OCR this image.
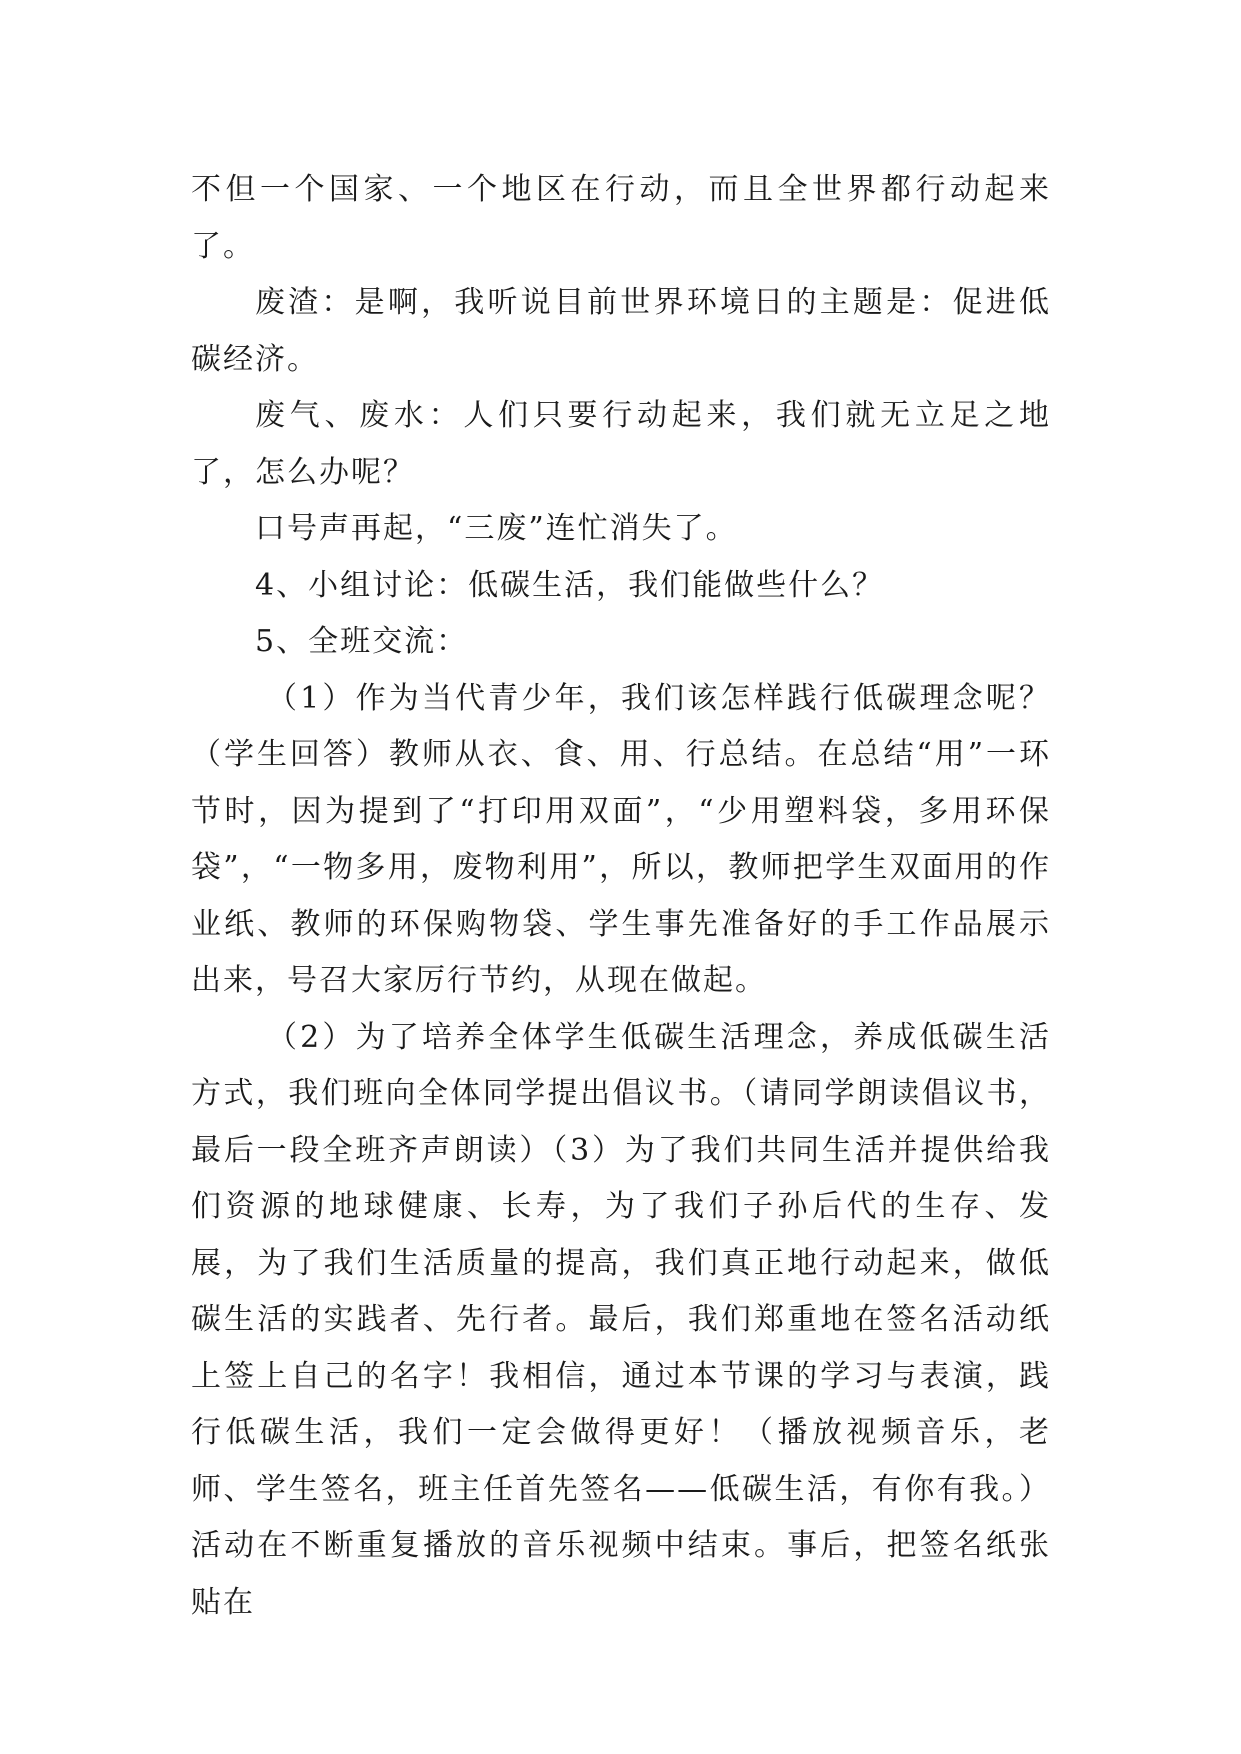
不但一个国家、一个地区在行动，而且全世界都行动起来了。

废渣：是啊，我听说目前世界环境日的主题是：促进低碳经济。

废气、废水：人们只要行动起来，我们就无立足之地了，怎么办呢？

口号声再起，“三废”连忙消失了。

4、小组讨论：低碳生活，我们能做些什么？

5、全班交流：

（1）作为当代青少年，我们该怎样践行低碳理念呢？（学生回答）教师从衣、食、用、行总结。在总结“用”一环节时，因为提到了“打印用双面”，“少用塑料袋，多用环保袋”，“一物多用，废物利用”，所以，教师把学生双面用的作业纸、教师的环保购物袋、学生事先准备好的手工作品展示出来，号召大家厉行节约，从现在做起。

（2）为了培养全体学生低碳生活理念，养成低碳生活方式，我们班向全体同学提出倡议书。（请同学朗读倡议书，最后一段全班齐声朗读）（3）为了我们共同生活并提供给我们资源的地球健康、长寿，为了我们子孙后代的生存、发展，为了我们生活质量的提高，我们真正地行动起来，做低碳生活的实践者、先行者。最后，我们郑重地在签名活动纸上签上自己的名字！我相信，通过本节课的学习与表演，践行低碳生活，我们一定会做得更好！（播放视频音乐，老师、学生签名，班主任首先签名——低碳生活，有你有我。）活动在不断重复播放的音乐视频中结束。事后，把签名纸张贴在
